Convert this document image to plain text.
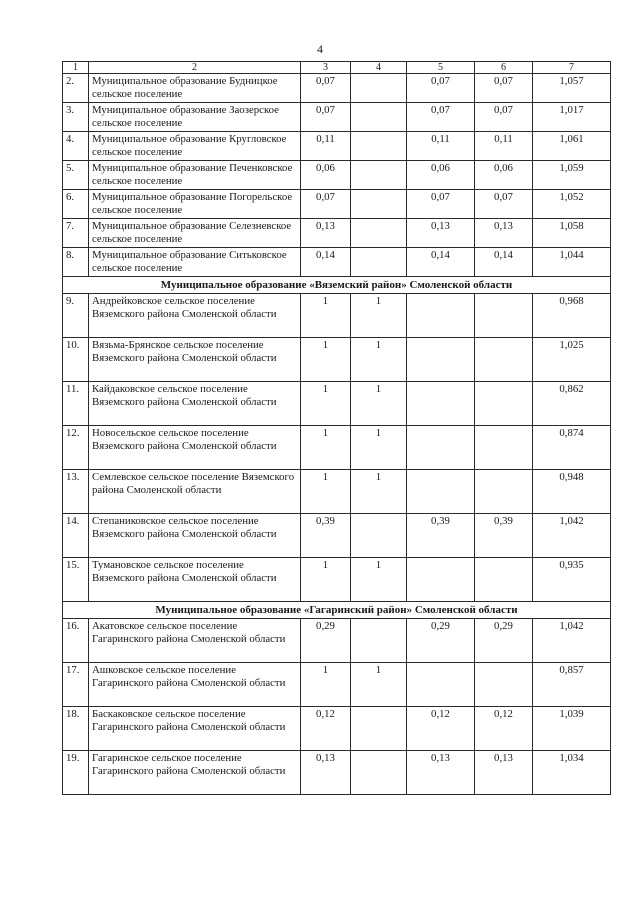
4
1	2	3	4	5	6	7
2.	Муниципальное образование Будницкое сельское поселение	0,07		0,07	0,07	1,057
3.	Муниципальное образование Заозерское сельское поселение	0,07		0,07	0,07	1,017
4.	Муниципальное образование Кругловское сельское поселение	0,11		0,11	0,11	1,061
5.	Муниципальное образование Печенковское сельское поселение	0,06		0,06	0,06	1,059
6.	Муниципальное образование Погорельское сельское поселение	0,07		0,07	0,07	1,052
7.	Муниципальное образование Селезневское сельское поселение	0,13		0,13	0,13	1,058
8.	Муниципальное образование Ситьковское сельское поселение	0,14		0,14	0,14	1,044
Муниципальное образование «Вяземский район» Смоленской области						
9.	Андрейковское сельское поселение Вяземского района Смоленской области	1	1			0,968
10.	Вязьма-Брянское сельское поселение Вяземского района Смоленской области	1	1			1,025
11.	Кайдаковское сельское поселение Вяземского района Смоленской области	1	1			0,862
12.	Новосельское сельское поселение Вяземского района Смоленской области	1	1			0,874
13.	Семлевское сельское поселение Вяземского района Смоленской области	1	1			0,948
14.	Степаниковское сельское поселение Вяземского района Смоленской области	0,39		0,39	0,39	1,042
15.	Тумановское сельское поселение Вяземского района Смоленской области	1	1			0,935
Муниципальное образование «Гагаринский район» Смоленской области						
16.	Акатовское сельское поселение Гагаринского района Смоленской области	0,29		0,29	0,29	1,042
17.	Ашковское сельское поселение Гагаринского района Смоленской области	1	1			0,857
18.	Баскаковское сельское поселение Гагаринского района Смоленской области	0,12		0,12	0,12	1,039
19.	Гагаринское сельское поселение Гагаринского района Смоленской области	0,13		0,13	0,13	1,034
